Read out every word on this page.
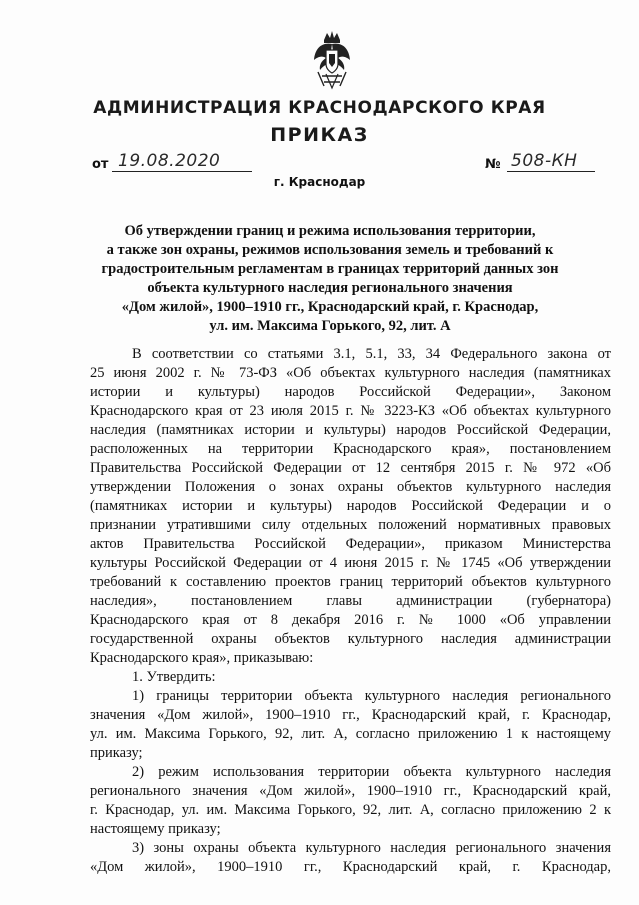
АДМИНИСТРАЦИЯ КРАСНОДАРСКОГО КРАЯ
ПРИКАЗ
от 19.08.2020	№ 508-КН
г. Краснодар
Об утверждении границ и режима использования территории,
а также зон охраны, режимов использования земель и требований к
градостроительным регламентам в границах территорий данных зон
объекта культурного наследия регионального значения
«Дом жилой», 1900–1910 гг., Краснодарский край, г. Краснодар,
ул. им. Максима Горького, 92, лит. А

В соответствии со статьями 3.1, 5.1, 33, 34 Федерального закона от

25 июня 2002 г. № 73-ФЗ «Об объектах культурного наследия (памятниках

истории и культуры) народов Российской Федерации», Законом

Краснодарского края от 23 июля 2015 г. № 3223-КЗ «Об объектах культурного

наследия (памятниках истории и культуры) народов Российской Федерации,

расположенных на территории Краснодарского края», постановлением

Правительства Российской Федерации от 12 сентября 2015 г. № 972 «Об

утверждении Положения о зонах охраны объектов культурного наследия

(памятниках истории и культуры) народов Российской Федерации и о

признании утратившими силу отдельных положений нормативных правовых

актов Правительства Российской Федерации», приказом Министерства

культуры Российской Федерации от 4 июня 2015 г. № 1745 «Об утверждении

требований к составлению проектов границ территорий объектов культурного

наследия», постановлением главы администрации (губернатора)

Краснодарского края от 8 декабря 2016 г. № 1000 «Об управлении

государственной охраны объектов культурного наследия администрации

Краснодарского края», приказываю:

1. Утвердить:

1) границы территории объекта культурного наследия регионального

значения «Дом жилой», 1900–1910 гг., Краснодарский край, г. Краснодар,

ул. им. Максима Горького, 92, лит. А, согласно приложению 1 к настоящему

приказу;

2) режим использования территории объекта культурного наследия

регионального значения «Дом жилой», 1900–1910 гг., Краснодарский край,

г. Краснодар, ул. им. Максима Горького, 92, лит. А, согласно приложению 2 к

настоящему приказу;

3) зоны охраны объекта культурного наследия регионального значения

«Дом жилой», 1900–1910 гг., Краснодарский край, г. Краснодар,
